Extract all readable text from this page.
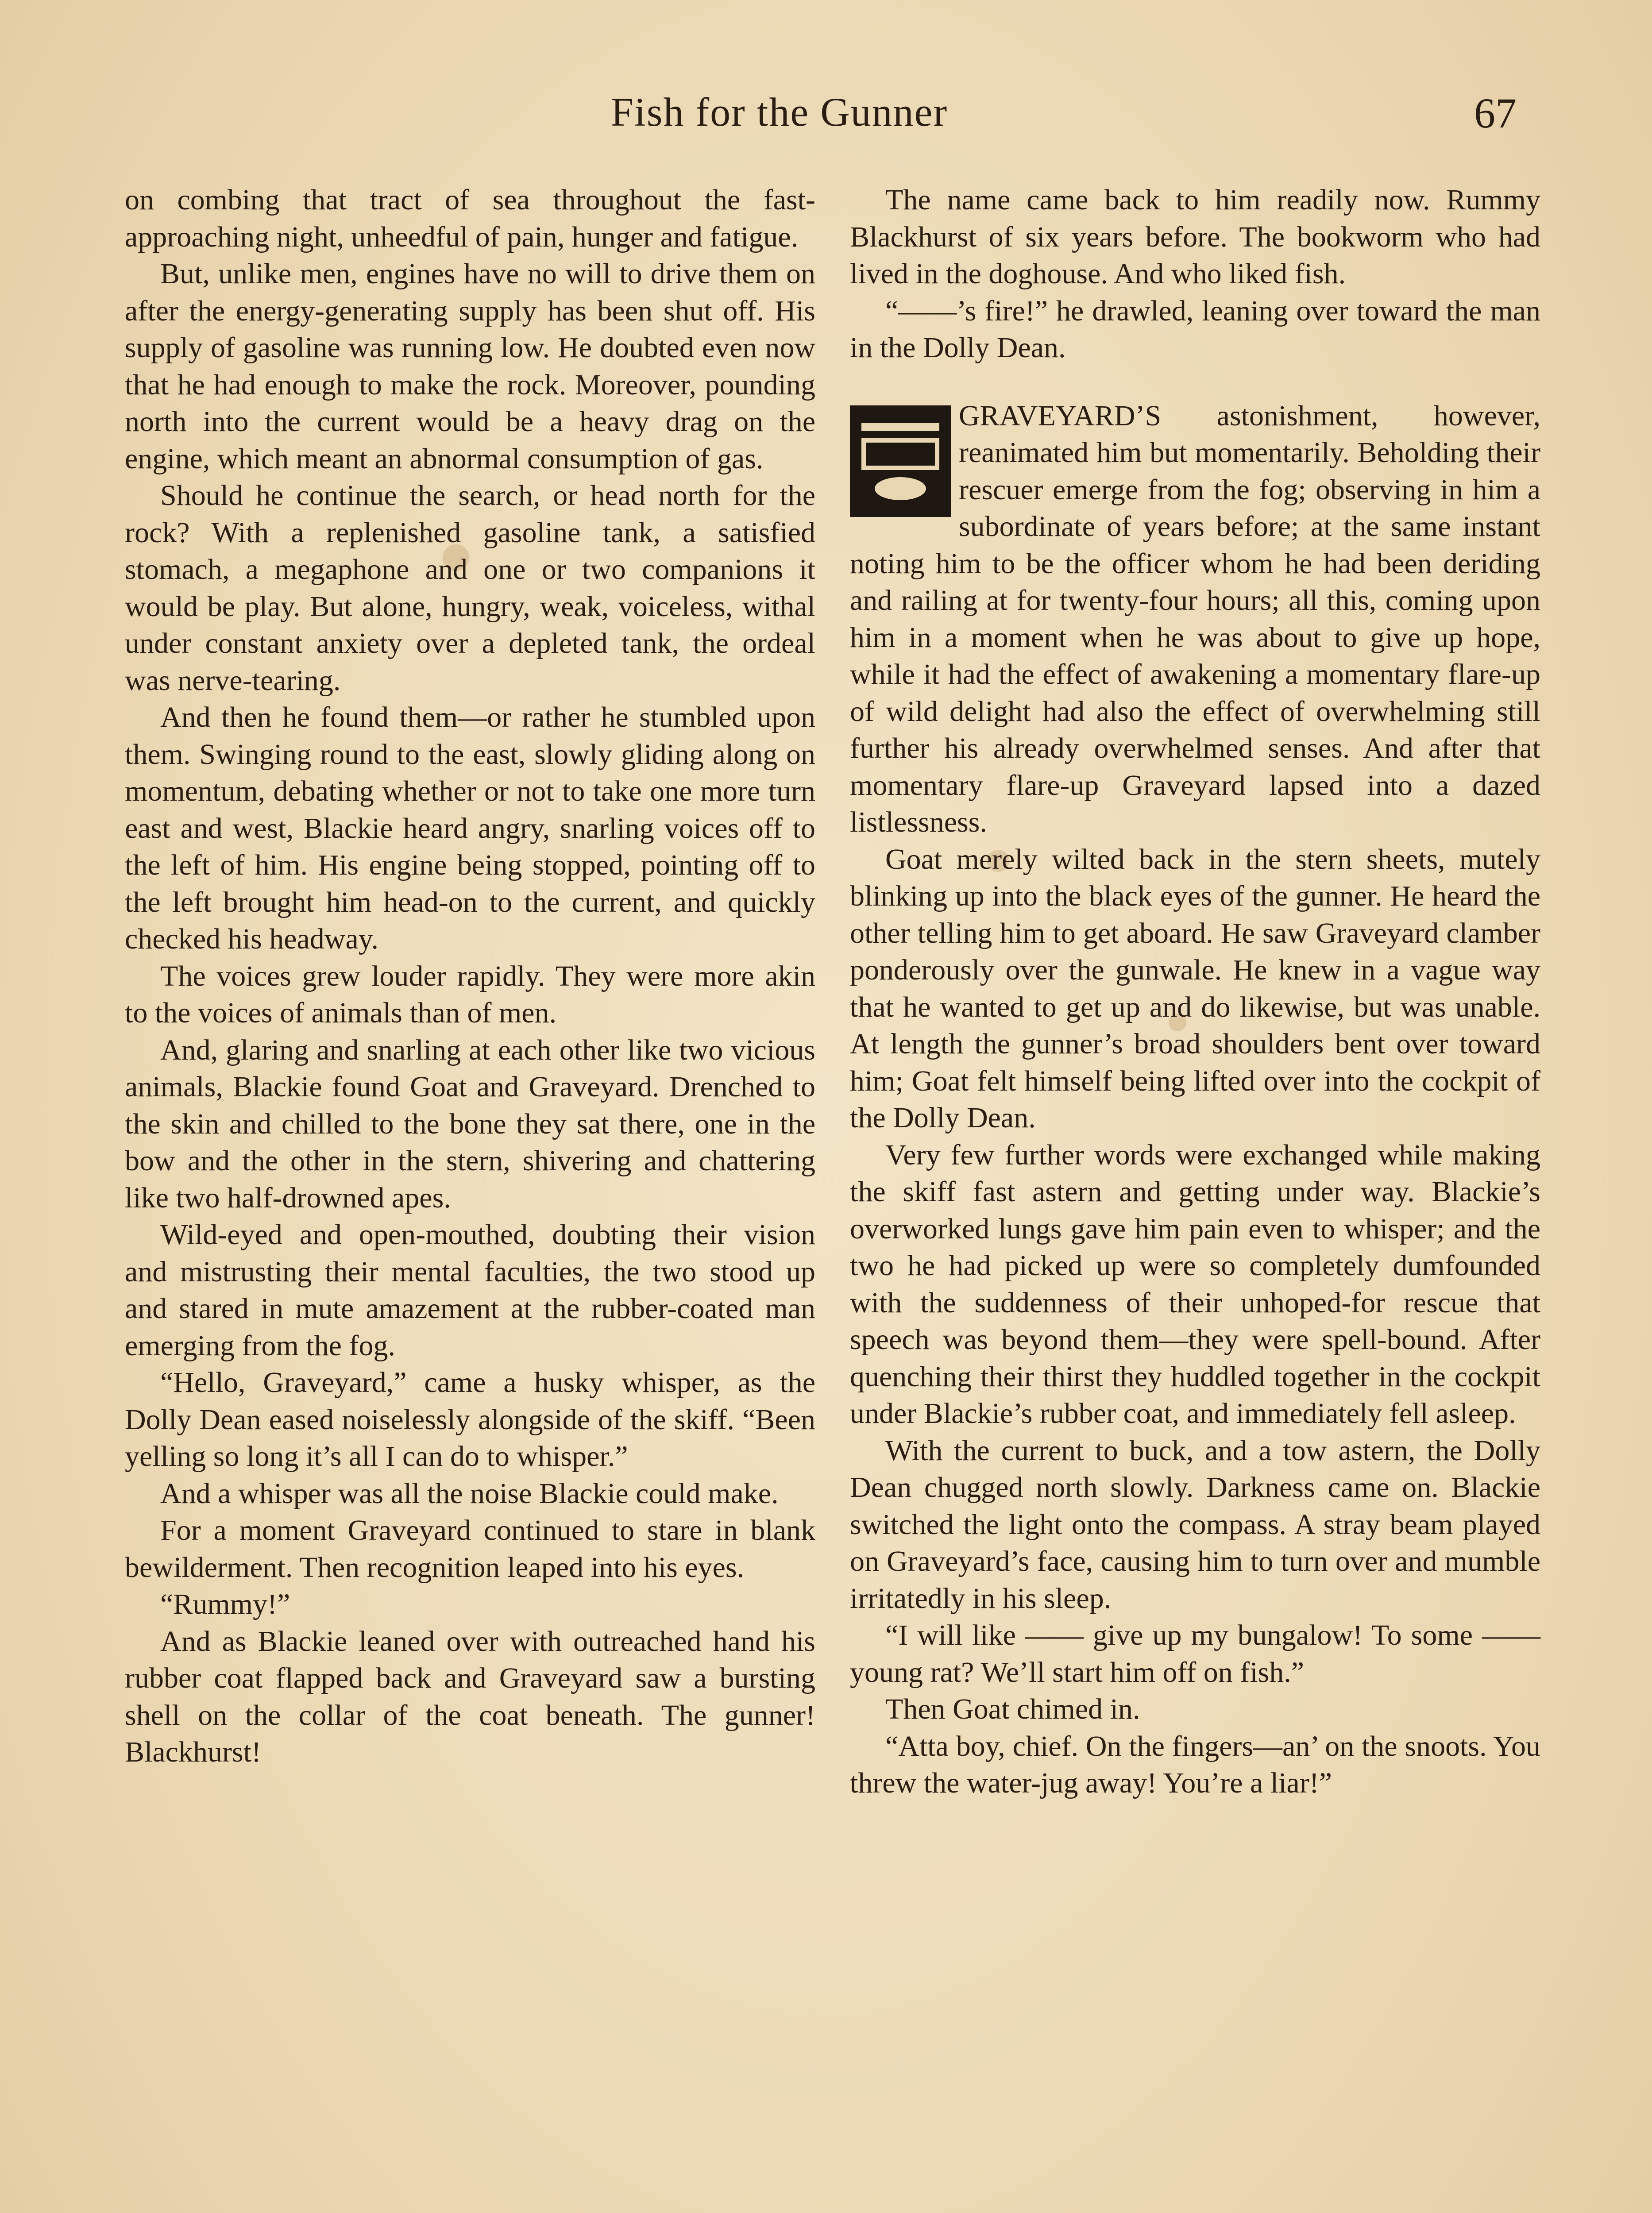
Fish for the Gunner	67

on combing that tract of sea throughout the fast-approaching night, unheedful of pain, hunger and fatigue.

But, unlike men, engines have no will to drive them on after the energy-generating supply has been shut off. His supply of gasoline was running low. He doubted even now that he had enough to make the rock. Moreover, pounding north into the current would be a heavy drag on the engine, which meant an abnormal consumption of gas.

Should he continue the search, or head north for the rock? With a replenished gasoline tank, a satisfied stomach, a megaphone and one or two companions it would be play. But alone, hungry, weak, voiceless, withal under constant anxiety over a depleted tank, the ordeal was nerve-tearing.

And then he found them—or rather he stumbled upon them. Swinging round to the east, slowly gliding along on momentum, debating whether or not to take one more turn east and west, Blackie heard angry, snarling voices off to the left of him. His engine being stopped, pointing off to the left brought him head-on to the current, and quickly checked his headway.

The voices grew louder rapidly. They were more akin to the voices of animals than of men.

And, glaring and snarling at each other like two vicious animals, Blackie found Goat and Graveyard. Drenched to the skin and chilled to the bone they sat there, one in the bow and the other in the stern, shivering and chattering like two half-drowned apes.

Wild-eyed and open-mouthed, doubting their vision and mistrusting their mental faculties, the two stood up and stared in mute amazement at the rubber-coated man emerging from the fog.

“Hello, Graveyard,” came a husky whisper, as the Dolly Dean eased noiselessly alongside of the skiff. “Been yelling so long it’s all I can do to whisper.”

And a whisper was all the noise Blackie could make.

For a moment Graveyard continued to stare in blank bewilderment. Then recognition leaped into his eyes.

“Rummy!”

And as Blackie leaned over with outreached hand his rubber coat flapped back and Graveyard saw a bursting shell on the collar of the coat beneath. The gunner! Blackhurst!

The name came back to him readily now. Rummy Blackhurst of six years before. The bookworm who had lived in the doghouse. And who liked fish.

“——’s fire!” he drawled, leaning over toward the man in the Dolly Dean.

GRAVEYARD’S astonishment, however, reanimated him but momentarily. Beholding their rescuer emerge from the fog; observing in him a subordinate of years before; at the same instant noting him to be the officer whom he had been deriding and railing at for twenty-four hours; all this, coming upon him in a moment when he was about to give up hope, while it had the effect of awakening a momentary flare-up of wild delight had also the effect of overwhelming still further his already overwhelmed senses. And after that momentary flare-up Graveyard lapsed into a dazed listlessness.

Goat merely wilted back in the stern sheets, mutely blinking up into the black eyes of the gunner. He heard the other telling him to get aboard. He saw Graveyard clamber ponderously over the gunwale. He knew in a vague way that he wanted to get up and do likewise, but was unable. At length the gunner’s broad shoulders bent over toward him; Goat felt himself being lifted over into the cockpit of the Dolly Dean.

Very few further words were exchanged while making the skiff fast astern and getting under way. Blackie’s overworked lungs gave him pain even to whisper; and the two he had picked up were so completely dumfounded with the suddenness of their unhoped-for rescue that speech was beyond them—they were spell-bound. After quenching their thirst they huddled together in the cockpit under Blackie’s rubber coat, and immediately fell asleep.

With the current to buck, and a tow astern, the Dolly Dean chugged north slowly. Darkness came on. Blackie switched the light onto the compass. A stray beam played on Graveyard’s face, causing him to turn over and mumble irritatedly in his sleep.

“I will like —— give up my bungalow! To some —— young rat? We’ll start him off on fish.”

Then Goat chimed in.

“Atta boy, chief. On the fingers—an’ on the snoots. You threw the water-jug away! You’re a liar!”
